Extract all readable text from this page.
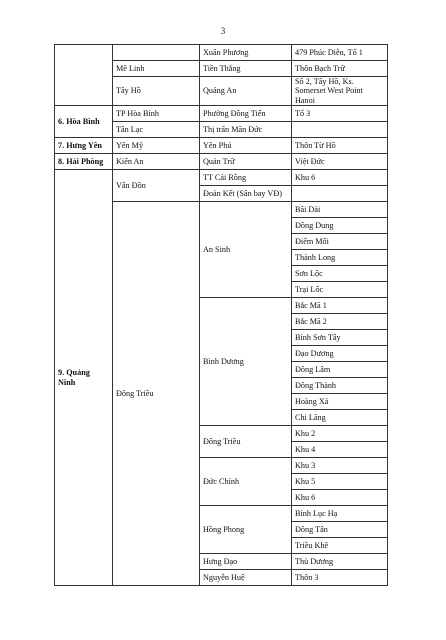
3
		Xuân Phương	479 Phúc Diễn, Tổ 1
	Mê Linh	Tiền Thắng	Thôn Bạch Trữ
	Tây Hồ	Quảng An	Số 2, Tây Hồ, Ks. Somerset West Point Hanoi
6. Hòa Bình	TP Hòa Bình	Phường Đồng Tiến	Tổ 3
	Tân Lạc	Thị trấn Mãn Đức	
7. Hưng Yên	Yên Mỹ	Yên Phú	Thôn Từ Hồ
8. Hải Phòng	Kiến An	Quán Trữ	Việt Đức
9. Quảng Ninh	Vân Đồn	TT Cái Rồng	Khu 6
		Đoàn Kết (Sân bay VĐ)	
	Đông Triều	An Sinh	Bãi Dài
			Đồng Dung
			Điểm Mối
			Thành Long
			Sơn Lộc
			Trại Lốc
		Bình Dương	Bắc Mã 1
			Bắc Mã 2
			Bình Sơn Tây
			Đạo Dương
			Đông Lâm
			Đông Thành
			Hoàng Xá
			Chi Lăng
		Đông Triều	Khu 2
			Khu 4
		Đức Chính	Khu 3
			Khu 5
			Khu 6
		Hồng Phong	Bình Lục Hạ
			Đông Tân
			Triều Khê
		Hưng Đạo	Thủ Dương
		Nguyễn Huệ	Thôn 3
